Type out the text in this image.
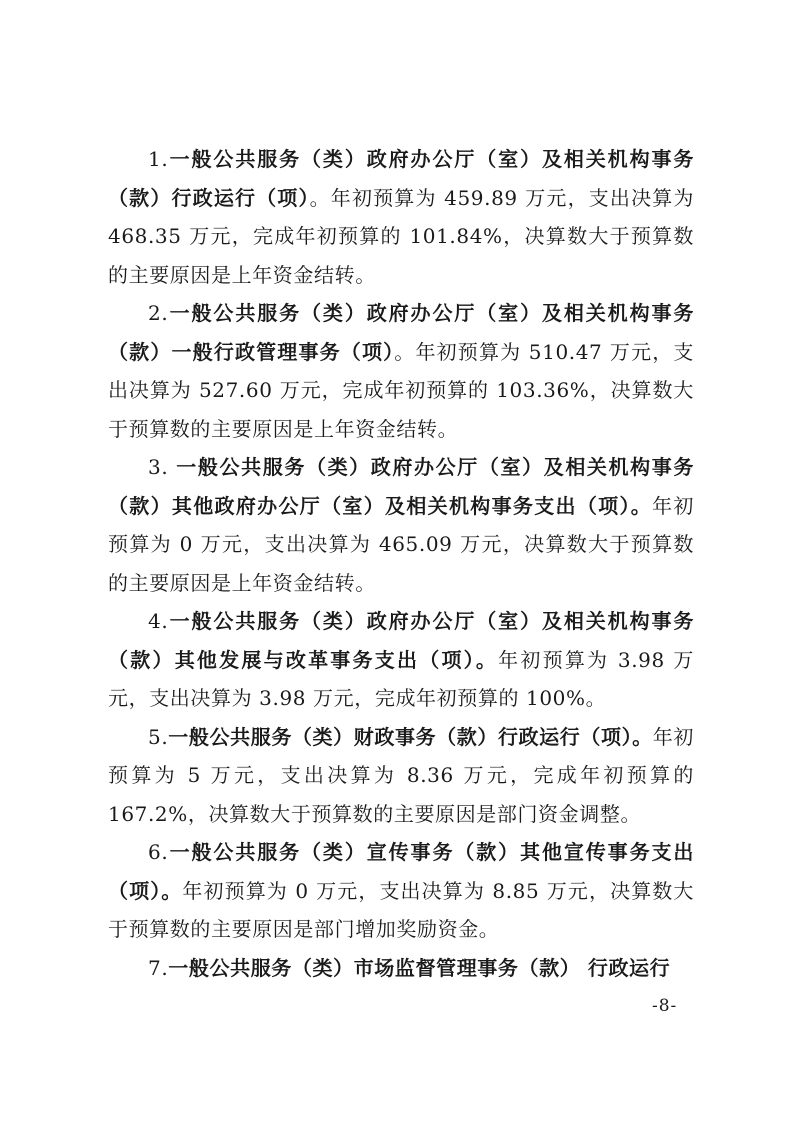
1.一般公共服务（类）政府办公厅（室）及相关机构事务（款）行政运行（项）。年初预算为 459.89 万元，支出决算为 468.35 万元，完成年初预算的 101.84%，决算数大于预算数的主要原因是上年资金结转。

2.一般公共服务（类）政府办公厅（室）及相关机构事务（款）一般行政管理事务（项）。年初预算为 510.47 万元，支出决算为 527.60 万元，完成年初预算的 103.36%，决算数大于预算数的主要原因是上年资金结转。

3. 一般公共服务（类）政府办公厅（室）及相关机构事务（款）其他政府办公厅（室）及相关机构事务支出（项）。年初预算为 0 万元，支出决算为 465.09 万元，决算数大于预算数的主要原因是上年资金结转。

4.一般公共服务（类）政府办公厅（室）及相关机构事务（款）其他发展与改革事务支出（项）。年初预算为 3.98 万元，支出决算为 3.98 万元，完成年初预算的 100%。

5.一般公共服务（类）财政事务（款）行政运行（项）。年初预算为 5 万元，支出决算为 8.36 万元，完成年初预算的 167.2%，决算数大于预算数的主要原因是部门资金调整。

6.一般公共服务（类）宣传事务（款）其他宣传事务支出（项）。年初预算为 0 万元，支出决算为 8.85 万元，决算数大于预算数的主要原因是部门增加奖励资金。

7.一般公共服务（类）市场监督管理事务（款） 行政运行

-8-
